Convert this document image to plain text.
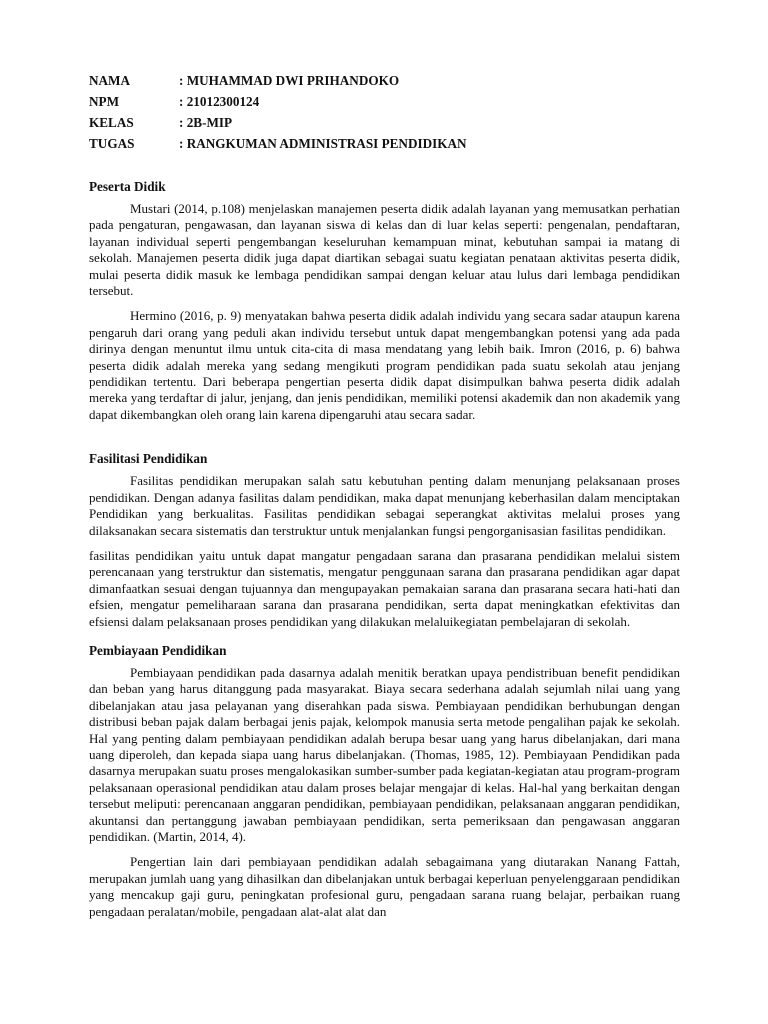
NAMA	: MUHAMMAD DWI PRIHANDOKO
NPM	: 21012300124
KELAS	: 2B-MIP
TUGAS	: RANGKUMAN ADMINISTRASI PENDIDIKAN
Peserta Didik

Mustari (2014, p.108) menjelaskan manajemen peserta didik adalah layanan yang memusatkan perhatian pada pengaturan, pengawasan, dan layanan siswa di kelas dan di luar kelas seperti: pengenalan, pendaftaran, layanan individual seperti pengembangan keseluruhan kemampuan minat, kebutuhan sampai ia matang di sekolah. Manajemen peserta didik juga dapat diartikan sebagai suatu kegiatan penataan aktivitas peserta didik, mulai peserta didik masuk ke lembaga pendidikan sampai dengan keluar atau lulus dari lembaga pendidikan tersebut.

Hermino (2016, p. 9) menyatakan bahwa peserta didik adalah individu yang secara sadar ataupun karena pengaruh dari orang yang peduli akan individu tersebut untuk dapat mengembangkan potensi yang ada pada dirinya dengan menuntut ilmu untuk cita-cita di masa mendatang yang lebih baik. Imron (2016, p. 6) bahwa peserta didik adalah mereka yang sedang mengikuti program pendidikan pada suatu sekolah atau jenjang pendidikan tertentu. Dari beberapa pengertian peserta didik dapat disimpulkan bahwa peserta didik adalah mereka yang terdaftar di jalur, jenjang, dan jenis pendidikan, memiliki potensi akademik dan non akademik yang dapat dikembangkan oleh orang lain karena dipengaruhi atau secara sadar.

Fasilitasi Pendidikan

Fasilitas pendidikan merupakan salah satu kebutuhan penting dalam menunjang pelaksanaan proses pendidikan. Dengan adanya fasilitas dalam pendidikan, maka dapat menunjang keberhasilan dalam menciptakan Pendidikan yang berkualitas. Fasilitas pendidikan sebagai seperangkat aktivitas melalui proses yang dilaksanakan secara sistematis dan terstruktur untuk menjalankan fungsi pengorganisasian fasilitas pendidikan.

fasilitas pendidikan yaitu untuk dapat mangatur pengadaan sarana dan prasarana pendidikan melalui sistem perencanaan yang terstruktur dan sistematis, mengatur penggunaan sarana dan prasarana pendidikan agar dapat dimanfaatkan sesuai dengan tujuannya dan mengupayakan pemakaian sarana dan prasarana secara hati-hati dan efsien, mengatur pemeliharaan sarana dan prasarana pendidikan, serta dapat meningkatkan efektivitas dan efsiensi dalam pelaksanaan proses pendidikan yang dilakukan melaluikegiatan pembelajaran di sekolah.

Pembiayaan Pendidikan

Pembiayaan pendidikan pada dasarnya adalah menitik beratkan upaya pendistribuan benefit pendidikan dan beban yang harus ditanggung pada masyarakat. Biaya secara sederhana adalah sejumlah nilai uang yang dibelanjakan atau jasa pelayanan yang diserahkan pada siswa. Pembiayaan pendidikan berhubungan dengan distribusi beban pajak dalam berbagai jenis pajak, kelompok manusia serta metode pengalihan pajak ke sekolah. Hal yang penting dalam pembiayaan pendidikan adalah berupa besar uang yang harus dibelanjakan, dari mana uang diperoleh, dan kepada siapa uang harus dibelanjakan. (Thomas, 1985, 12). Pembiayaan Pendidikan pada dasarnya merupakan suatu proses mengalokasikan sumber-sumber pada kegiatan-kegiatan atau program-program pelaksanaan operasional pendidikan atau dalam proses belajar mengajar di kelas. Hal-hal yang berkaitan dengan tersebut meliputi: perencanaan anggaran pendidikan, pembiayaan pendidikan, pelaksanaan anggaran pendidikan, akuntansi dan pertanggung jawaban pembiayaan pendidikan, serta pemeriksaan dan pengawasan anggaran pendidikan. (Martin, 2014, 4).

Pengertian lain dari pembiayaan pendidikan adalah sebagaimana yang diutarakan Nanang Fattah, merupakan jumlah uang yang dihasilkan dan dibelanjakan untuk berbagai keperluan penyelenggaraan pendidikan yang mencakup gaji guru, peningkatan profesional guru, pengadaan sarana ruang belajar, perbaikan ruang pengadaan peralatan/mobile, pengadaan alat-alat alat dan
